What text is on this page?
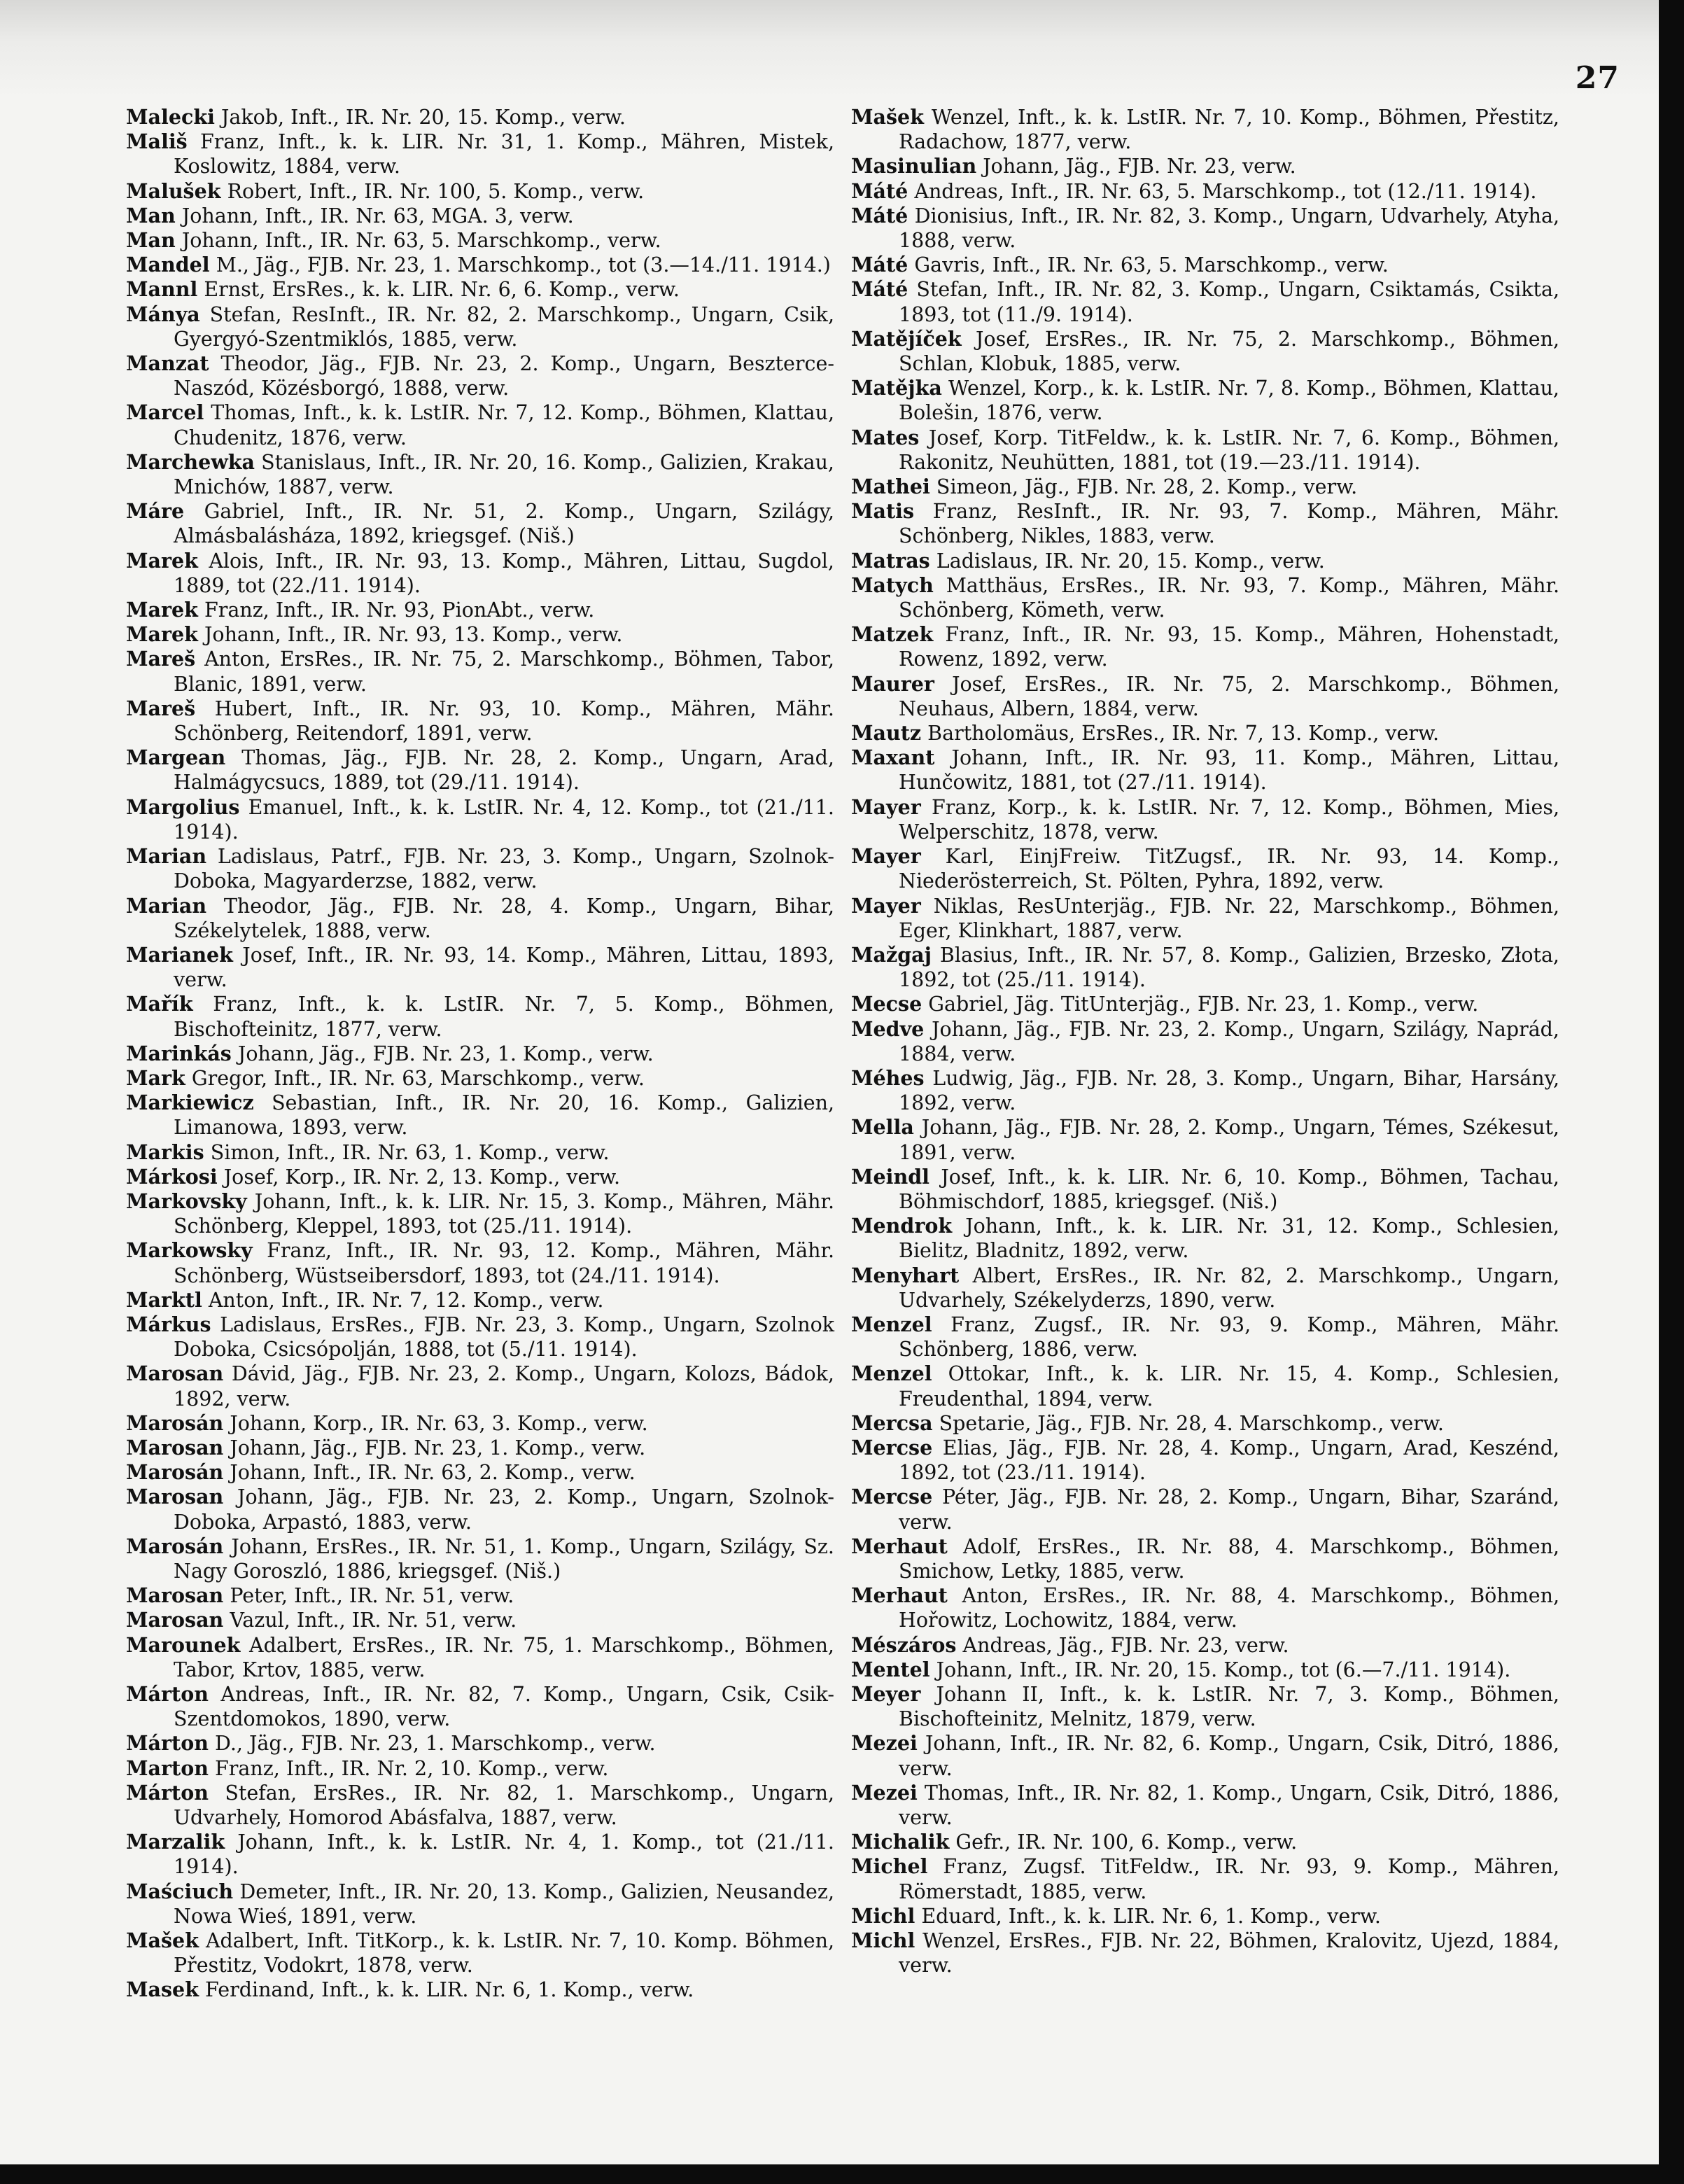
27

Malecki Jakob, Inft., IR. Nr. 20, 15. Komp., verw.

Mališ Franz, Inft., k. k. LIR. Nr. 31, 1. Komp., Mähren, Mistek, Koslowitz, 1884, verw.

Malušek Robert, Inft., IR. Nr. 100, 5. Komp., verw.

Man Johann, Inft., IR. Nr. 63, MGA. 3, verw.

Man Johann, Inft., IR. Nr. 63, 5. Marschkomp., verw.

Mandel M., Jäg., FJB. Nr. 23, 1. Marschkomp., tot (3.—14./11. 1914.)

Mannl Ernst, ErsRes., k. k. LIR. Nr. 6, 6. Komp., verw.

Mánya Stefan, ResInft., IR. Nr. 82, 2. Marschkomp., Ungarn, Csik, Gyergyó-Szentmiklós, 1885, verw.

Manzat Theodor, Jäg., FJB. Nr. 23, 2. Komp., Ungarn, Beszterce-Naszód, Közésborgó, 1888, verw.

Marcel Thomas, Inft., k. k. LstIR. Nr. 7, 12. Komp., Böhmen, Klattau, Chudenitz, 1876, verw.

Marchewka Stanislaus, Inft., IR. Nr. 20, 16. Komp., Galizien, Krakau, Mnichów, 1887, verw.

Máre Gabriel, Inft., IR. Nr. 51, 2. Komp., Ungarn, Szilágy, Almásbalásháza, 1892, kriegsgef. (Niš.)

Marek Alois, Inft., IR. Nr. 93, 13. Komp., Mähren, Littau, Sugdol, 1889, tot (22./11. 1914).

Marek Franz, Inft., IR. Nr. 93, PionAbt., verw.

Marek Johann, Inft., IR. Nr. 93, 13. Komp., verw.

Mareš Anton, ErsRes., IR. Nr. 75, 2. Marschkomp., Böhmen, Tabor, Blanic, 1891, verw.

Mareš Hubert, Inft., IR. Nr. 93, 10. Komp., Mähren, Mähr. Schönberg, Reitendorf, 1891, verw.

Margean Thomas, Jäg., FJB. Nr. 28, 2. Komp., Ungarn, Arad, Halmágycsucs, 1889, tot (29./11. 1914).

Margolius Emanuel, Inft., k. k. LstIR. Nr. 4, 12. Komp., tot (21./11. 1914).

Marian Ladislaus, Patrf., FJB. Nr. 23, 3. Komp., Ungarn, Szolnok-Doboka, Magyarderzse, 1882, verw.

Marian Theodor, Jäg., FJB. Nr. 28, 4. Komp., Ungarn, Bihar, Székelytelek, 1888, verw.

Marianek Josef, Inft., IR. Nr. 93, 14. Komp., Mähren, Littau, 1893, verw.

Mařík Franz, Inft., k. k. LstIR. Nr. 7, 5. Komp., Böhmen, Bischofteinitz, 1877, verw.

Marinkás Johann, Jäg., FJB. Nr. 23, 1. Komp., verw.

Mark Gregor, Inft., IR. Nr. 63, Marschkomp., verw.

Markiewicz Sebastian, Inft., IR. Nr. 20, 16. Komp., Galizien, Limanowa, 1893, verw.

Markis Simon, Inft., IR. Nr. 63, 1. Komp., verw.

Márkosi Josef, Korp., IR. Nr. 2, 13. Komp., verw.

Markovsky Johann, Inft., k. k. LIR. Nr. 15, 3. Komp., Mähren, Mähr. Schönberg, Kleppel, 1893, tot (25./11. 1914).

Markowsky Franz, Inft., IR. Nr. 93, 12. Komp., Mähren, Mähr. Schönberg, Wüstseibersdorf, 1893, tot (24./11. 1914).

Marktl Anton, Inft., IR. Nr. 7, 12. Komp., verw.

Márkus Ladislaus, ErsRes., FJB. Nr. 23, 3. Komp., Ungarn, Szolnok Doboka, Csicsópolján, 1888, tot (5./11. 1914).

Marosan Dávid, Jäg., FJB. Nr. 23, 2. Komp., Ungarn, Kolozs, Bádok, 1892, verw.

Marosán Johann, Korp., IR. Nr. 63, 3. Komp., verw.

Marosan Johann, Jäg., FJB. Nr. 23, 1. Komp., verw.

Marosán Johann, Inft., IR. Nr. 63, 2. Komp., verw.

Marosan Johann, Jäg., FJB. Nr. 23, 2. Komp., Ungarn, Szolnok-Doboka, Arpastó, 1883, verw.

Marosán Johann, ErsRes., IR. Nr. 51, 1. Komp., Ungarn, Szilágy, Sz. Nagy Goroszló, 1886, kriegsgef. (Niš.)

Marosan Peter, Inft., IR. Nr. 51, verw.

Marosan Vazul, Inft., IR. Nr. 51, verw.

Marounek Adalbert, ErsRes., IR. Nr. 75, 1. Marschkomp., Böhmen, Tabor, Krtov, 1885, verw.

Márton Andreas, Inft., IR. Nr. 82, 7. Komp., Ungarn, Csik, Csik-Szentdomokos, 1890, verw.

Márton D., Jäg., FJB. Nr. 23, 1. Marschkomp., verw.

Marton Franz, Inft., IR. Nr. 2, 10. Komp., verw.

Márton Stefan, ErsRes., IR. Nr. 82, 1. Marschkomp., Ungarn, Udvarhely, Homorod Abásfalva, 1887, verw.

Marzalik Johann, Inft., k. k. LstIR. Nr. 4, 1. Komp., tot (21./11. 1914).

Maściuch Demeter, Inft., IR. Nr. 20, 13. Komp., Galizien, Neusandez, Nowa Wieś, 1891, verw.

Mašek Adalbert, Inft. TitKorp., k. k. LstIR. Nr. 7, 10. Komp. Böhmen, Přestitz, Vodokrt, 1878, verw.

Masek Ferdinand, Inft., k. k. LIR. Nr. 6, 1. Komp., verw.

Mašek Wenzel, Inft., k. k. LstIR. Nr. 7, 10. Komp., Böhmen, Přestitz, Radachow, 1877, verw.

Masinulian Johann, Jäg., FJB. Nr. 23, verw.

Máté Andreas, Inft., IR. Nr. 63, 5. Marschkomp., tot (12./11. 1914).

Máté Dionisius, Inft., IR. Nr. 82, 3. Komp., Ungarn, Udvarhely, Atyha, 1888, verw.

Máté Gavris, Inft., IR. Nr. 63, 5. Marschkomp., verw.

Máté Stefan, Inft., IR. Nr. 82, 3. Komp., Ungarn, Csiktamás, Csikta, 1893, tot (11./9. 1914).

Matějíček Josef, ErsRes., IR. Nr. 75, 2. Marschkomp., Böhmen, Schlan, Klobuk, 1885, verw.

Matějka Wenzel, Korp., k. k. LstIR. Nr. 7, 8. Komp., Böhmen, Klattau, Bolešin, 1876, verw.

Mates Josef, Korp. TitFeldw., k. k. LstIR. Nr. 7, 6. Komp., Böhmen, Rakonitz, Neuhütten, 1881, tot (19.—23./11. 1914).

Mathei Simeon, Jäg., FJB. Nr. 28, 2. Komp., verw.

Matis Franz, ResInft., IR. Nr. 93, 7. Komp., Mähren, Mähr. Schönberg, Nikles, 1883, verw.

Matras Ladislaus, IR. Nr. 20, 15. Komp., verw.

Matych Matthäus, ErsRes., IR. Nr. 93, 7. Komp., Mähren, Mähr. Schönberg, Kömeth, verw.

Matzek Franz, Inft., IR. Nr. 93, 15. Komp., Mähren, Hohenstadt, Rowenz, 1892, verw.

Maurer Josef, ErsRes., IR. Nr. 75, 2. Marschkomp., Böhmen, Neuhaus, Albern, 1884, verw.

Mautz Bartholomäus, ErsRes., IR. Nr. 7, 13. Komp., verw.

Maxant Johann, Inft., IR. Nr. 93, 11. Komp., Mähren, Littau, Hunčowitz, 1881, tot (27./11. 1914).

Mayer Franz, Korp., k. k. LstIR. Nr. 7, 12. Komp., Böhmen, Mies, Welperschitz, 1878, verw.

Mayer Karl, EinjFreiw. TitZugsf., IR. Nr. 93, 14. Komp., Niederösterreich, St. Pölten, Pyhra, 1892, verw.

Mayer Niklas, ResUnterjäg., FJB. Nr. 22, Marschkomp., Böhmen, Eger, Klinkhart, 1887, verw.

Mažgaj Blasius, Inft., IR. Nr. 57, 8. Komp., Galizien, Brzesko, Złota, 1892, tot (25./11. 1914).

Mecse Gabriel, Jäg. TitUnterjäg., FJB. Nr. 23, 1. Komp., verw.

Medve Johann, Jäg., FJB. Nr. 23, 2. Komp., Ungarn, Szilágy, Naprád, 1884, verw.

Méhes Ludwig, Jäg., FJB. Nr. 28, 3. Komp., Ungarn, Bihar, Harsány, 1892, verw.

Mella Johann, Jäg., FJB. Nr. 28, 2. Komp., Ungarn, Témes, Székesut, 1891, verw.

Meindl Josef, Inft., k. k. LIR. Nr. 6, 10. Komp., Böhmen, Tachau, Böhmischdorf, 1885, kriegsgef. (Niš.)

Mendrok Johann, Inft., k. k. LIR. Nr. 31, 12. Komp., Schlesien, Bielitz, Bladnitz, 1892, verw.

Menyhart Albert, ErsRes., IR. Nr. 82, 2. Marschkomp., Ungarn, Udvarhely, Székelyderzs, 1890, verw.

Menzel Franz, Zugsf., IR. Nr. 93, 9. Komp., Mähren, Mähr. Schönberg, 1886, verw.

Menzel Ottokar, Inft., k. k. LIR. Nr. 15, 4. Komp., Schlesien, Freudenthal, 1894, verw.

Mercsa Spetarie, Jäg., FJB. Nr. 28, 4. Marschkomp., verw.

Mercse Elias, Jäg., FJB. Nr. 28, 4. Komp., Ungarn, Arad, Keszénd, 1892, tot (23./11. 1914).

Mercse Péter, Jäg., FJB. Nr. 28, 2. Komp., Ungarn, Bihar, Szaránd, verw.

Merhaut Adolf, ErsRes., IR. Nr. 88, 4. Marschkomp., Böhmen, Smichow, Letky, 1885, verw.

Merhaut Anton, ErsRes., IR. Nr. 88, 4. Marschkomp., Böhmen, Hořowitz, Lochowitz, 1884, verw.

Mészáros Andreas, Jäg., FJB. Nr. 23, verw.

Mentel Johann, Inft., IR. Nr. 20, 15. Komp., tot (6.—7./11. 1914).

Meyer Johann II, Inft., k. k. LstIR. Nr. 7, 3. Komp., Böhmen, Bischofteinitz, Melnitz, 1879, verw.

Mezei Johann, Inft., IR. Nr. 82, 6. Komp., Ungarn, Csik, Ditró, 1886, verw.

Mezei Thomas, Inft., IR. Nr. 82, 1. Komp., Ungarn, Csik, Ditró, 1886, verw.

Michalik Gefr., IR. Nr. 100, 6. Komp., verw.

Michel Franz, Zugsf. TitFeldw., IR. Nr. 93, 9. Komp., Mähren, Römerstadt, 1885, verw.

Michl Eduard, Inft., k. k. LIR. Nr. 6, 1. Komp., verw.

Michl Wenzel, ErsRes., FJB. Nr. 22, Böhmen, Kralovitz, Ujezd, 1884, verw.
